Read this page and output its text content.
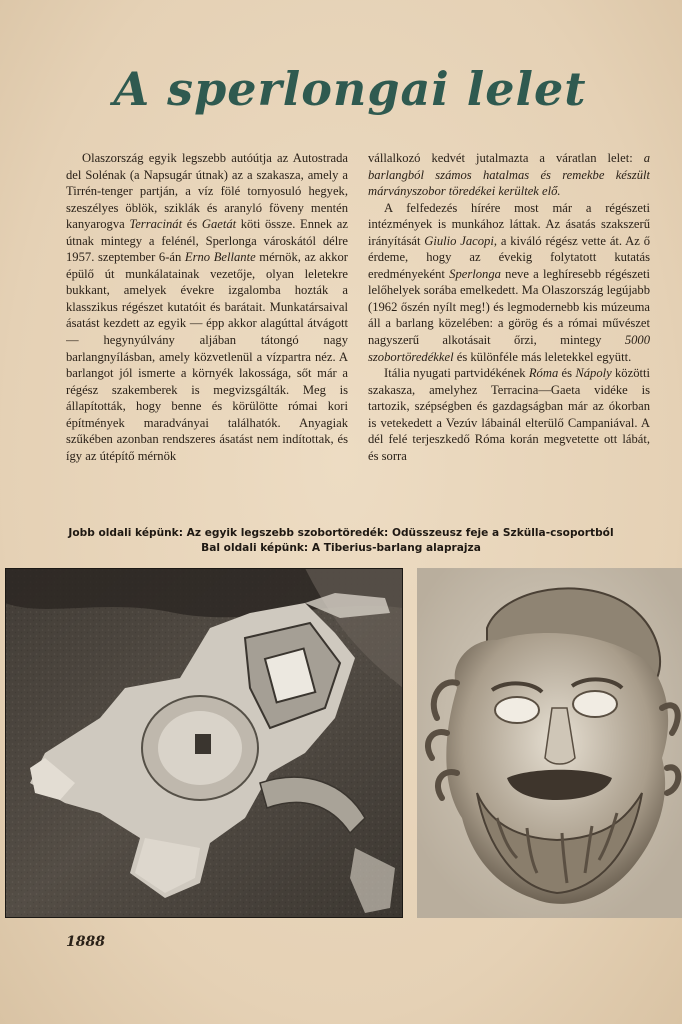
A sperlongai lelet

Olaszország egyik legszebb autóútja az Autostrada del Solénak (a Napsugár útnak) az a szakasza, amely a Tirrén-tenger partján, a víz fölé tornyosuló hegyek, szeszélyes öblök, sziklák és aranyló föveny mentén kanyarogva Terracinát és Gaetát köti össze. Ennek az útnak mintegy a felénél, Sperlonga városkától délre 1957. szeptember 6-án Erno Bellante mérnök, az akkor épülő út munkálatainak vezetője, olyan leletekre bukkant, amelyek évekre izgalomba hozták a klasszikus régészet kutatóit és barátait. Munkatársaival ásatást kezdett az egyik — épp akkor alagúttal átvágott — hegynyúlvány aljában tátongó nagy barlangnyílásban, amely közvetlenül a vízpartra néz. A barlangot jól ismerte a környék lakossága, sőt már a régész szakemberek is megvizsgálták. Meg is állapították, hogy benne és körülötte római kori építmények maradványai találhatók. Anyagiak szűkében azonban rendszeres ásatást nem indítottak, és így az útépítő mérnök

vállalkozó kedvét jutalmazta a váratlan lelet: a barlangból számos hatalmas és remekbe készült márványszobor töredékei kerültek elő.

A felfedezés hírére most már a régészeti intézmények is munkához láttak. Az ásatás szakszerű irányítását Giulio Jacopi, a kiváló régész vette át. Az ő érdeme, hogy az évekig folytatott kutatás eredményeként Sperlonga neve a leghíresebb régészeti lelőhelyek sorába emelkedett. Ma Olaszország legújabb (1962 őszén nyílt meg!) és legmodernebb kis múzeuma áll a barlang közelében: a görög és a római művészet nagyszerű alkotásait őrzi, mintegy 5000 szobortöredékkel és különféle más leletekkel együtt.

Itália nyugati partvidékének Róma és Nápoly közötti szakasza, amelyhez Terracina—Gaeta vidéke is tartozik, szépségben és gazdagságban már az ókorban is vetekedett a Vezúv lábainál elterülő Campaniával. A dél felé terjeszkedő Róma korán megvetette ott lábát, és sorra

Jobb oldali képünk: Az egyik legszebb szobortöredék: Odüsszeusz feje a Szkülla-csoportból
Bal oldali képünk: A Tiberius-barlang alaprajza
1888
